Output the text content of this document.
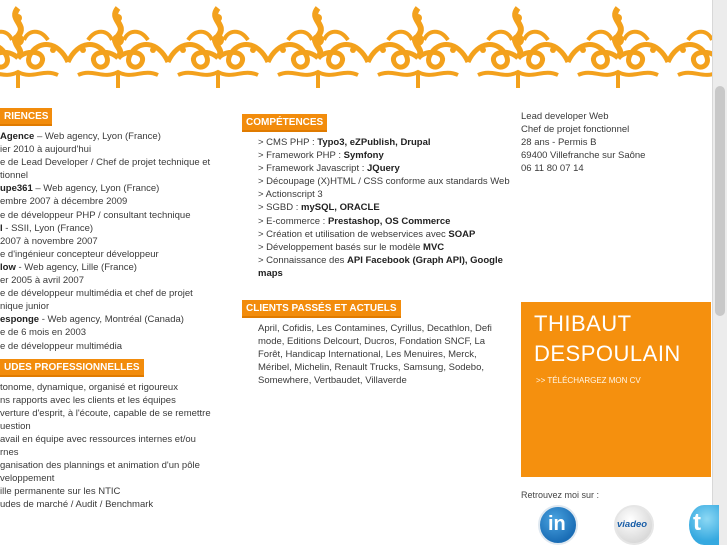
RIENCES
Agence – Web agency, Lyon (France)
ier 2010 à aujourd'hui
e de Lead Developer / Chef de projet technique et
tionnel
upe361 – Web agency, Lyon (France)
embre 2007 à décembre 2009
e de développeur PHP / consultant technique
l - SSII, Lyon (France)
2007 à novembre 2007
e d'ingénieur concepteur développeur
low - Web agency, Lille (France)
er 2005 à avril 2007
e de développeur multimédia et chef de projet
nique junior
esponge - Web agency, Montréal (Canada)
e de 6 mois en 2003
e de développeur multimédia
UDES PROFESSIONNELLES
tonome, dynamique, organisé et rigoureux
ns rapports avec les clients et les équipes
verture d'esprit, à l'écoute, capable de se remettre
uestion
avail en équipe avec ressources internes et/ou
rnes
ganisation des plannings et animation d'un pôle
veloppement
ille permanente sur les NTIC
udes de marché / Audit / Benchmark
COMPÉTENCES
> CMS PHP : Typo3, eZPublish, Drupal
> Framework PHP : Symfony
> Framework Javascript : JQuery
> Découpage (X)HTML / CSS conforme aux standards Web
> Actionscript 3
> SGBD : mySQL, ORACLE
> E-commerce : Prestashop, OS Commerce
> Création et utilisation de webservices avec SOAP
> Développement basés sur le modèle MVC
> Connaissance des API Facebook (Graph API), Google maps
CLIENTS PASSÉS ET ACTUELS
April, Cofidis, Les Contamines, Cyrillus, Decathlon, Defi mode, Editions Delcourt, Ducros, Fondation SNCF, La Forêt, Handicap International, Les Menuires, Merck, Méribel, Michelin, Renault Trucks, Samsung, Sodebo, Somewhere, Vertbaudet, Villaverde
Lead developer Web
Chef de projet fonctionnel
28 ans - Permis B
69400 Villefranche sur Saône
06 11 80 07 14
THIBAUT
DESPOULAIN
>> TÉLÉCHARGEZ MON CV
Retrouvez moi sur :
in	viadeo t
